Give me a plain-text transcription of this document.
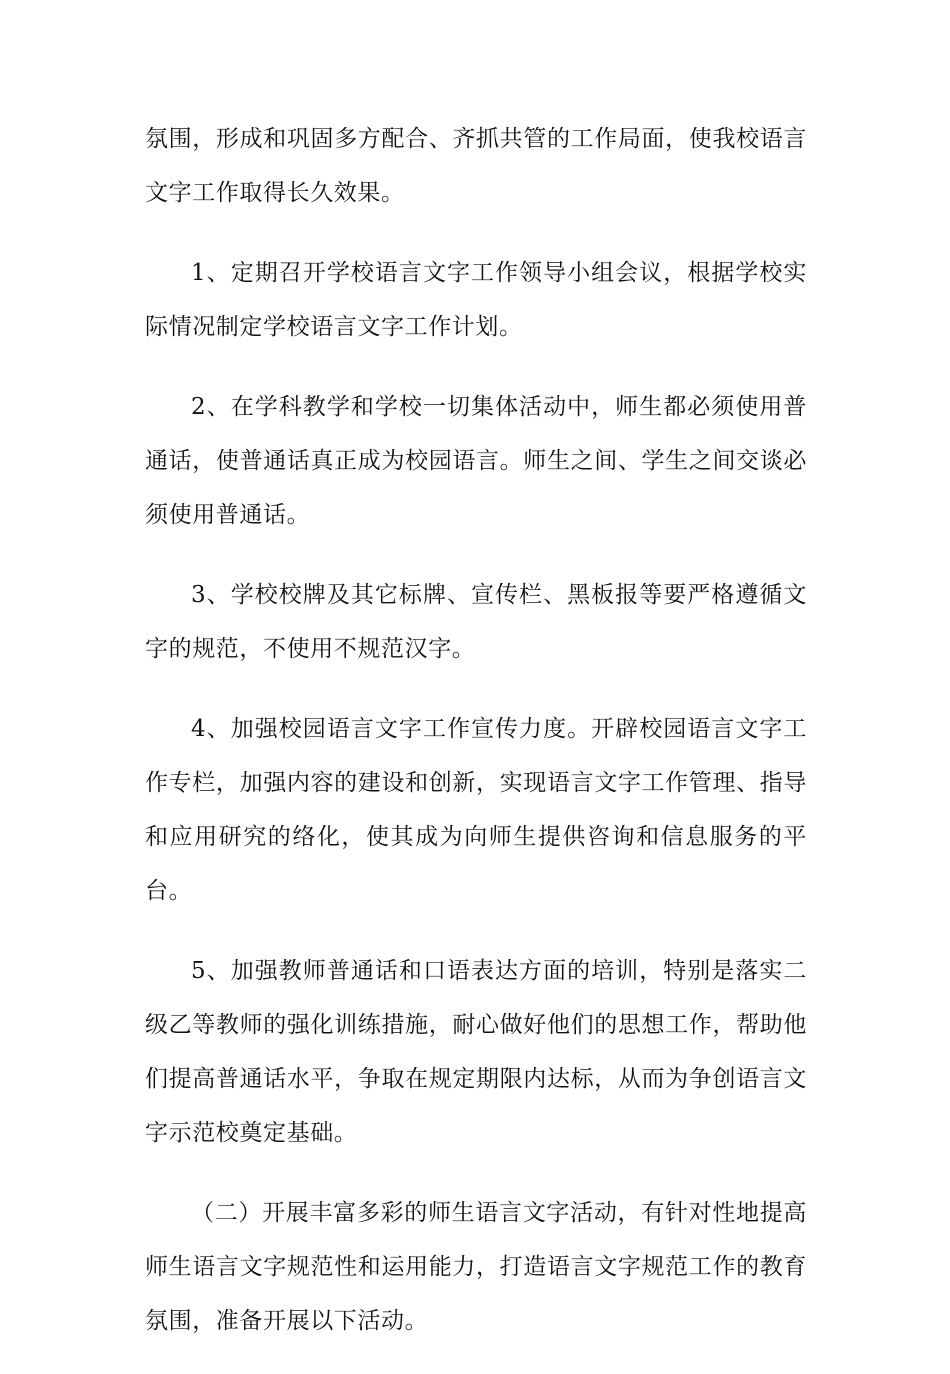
氛围，形成和巩固多方配合、齐抓共管的工作局面，使我校语言文字工作取得长久效果。

1、定期召开学校语言文字工作领导小组会议，根据学校实际情况制定学校语言文字工作计划。

2、在学科教学和学校一切集体活动中，师生都必须使用普通话，使普通话真正成为校园语言。师生之间、学生之间交谈必须使用普通话。

3、学校校牌及其它标牌、宣传栏、黑板报等要严格遵循文字的规范，不使用不规范汉字。

4、加强校园语言文字工作宣传力度。开辟校园语言文字工作专栏，加强内容的建设和创新，实现语言文字工作管理、指导和应用研究的络化，使其成为向师生提供咨询和信息服务的平台。

5、加强教师普通话和口语表达方面的培训，特别是落实二级乙等教师的强化训练措施，耐心做好他们的思想工作，帮助他们提高普通话水平，争取在规定期限内达标，从而为争创语言文字示范校奠定基础。

（二）开展丰富多彩的师生语言文字活动，有针对性地提高师生语言文字规范性和运用能力，打造语言文字规范工作的教育氛围，准备开展以下活动。
